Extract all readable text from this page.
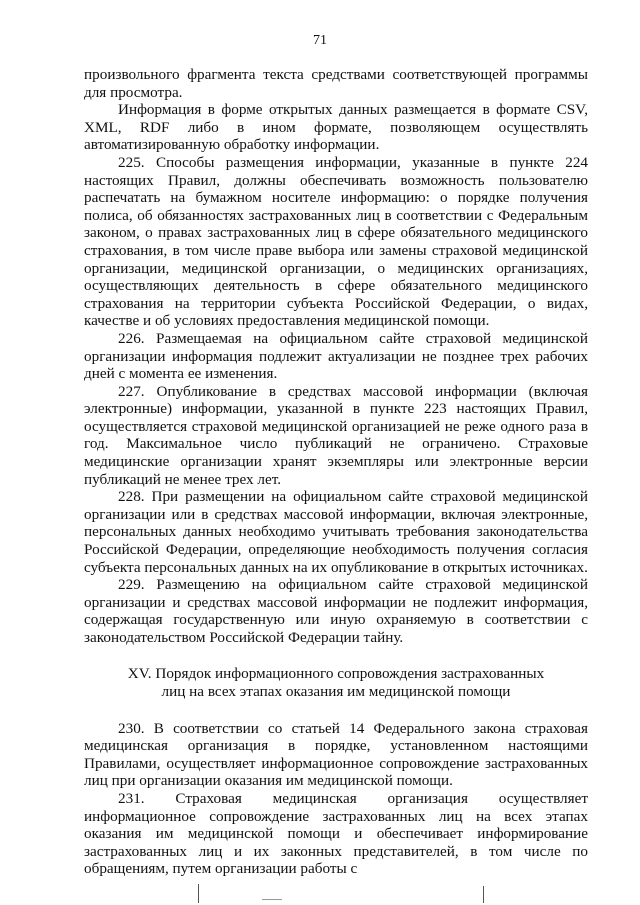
71

произвольного фрагмента текста средствами соответствующей программы для просмотра.

Информация в форме открытых данных размещается в формате CSV, XML, RDF либо в ином формате, позволяющем осуществлять автоматизированную обработку информации.

225. Способы размещения информации, указанные в пункте 224 настоящих Правил, должны обеспечивать возможность пользователю распечатать на бумажном носителе информацию: о порядке получения полиса, об обязанностях застрахованных лиц в соответствии с Федеральным законом, о правах застрахованных лиц в сфере обязательного медицинского страхования, в том числе праве выбора или замены страховой медицинской организации, медицинской организации, о медицинских организациях, осуществляющих деятельность в сфере обязательного медицинского страхования на территории субъекта Российской Федерации, о видах, качестве и об условиях предоставления медицинской помощи.

226. Размещаемая на официальном сайте страховой медицинской организации информация подлежит актуализации не позднее трех рабочих дней с момента ее изменения.

227. Опубликование в средствах массовой информации (включая электронные) информации, указанной в пункте 223 настоящих Правил, осуществляется страховой медицинской организацией не реже одного раза в год. Максимальное число публикаций не ограничено. Страховые медицинские организации хранят экземпляры или электронные версии публикаций не менее трех лет.

228. При размещении на официальном сайте страховой медицинской организации или в средствах массовой информации, включая электронные, персональных данных необходимо учитывать требования законодательства Российской Федерации, определяющие необходимость получения согласия субъекта персональных данных на их опубликование в открытых источниках.

229. Размещению на официальном сайте страховой медицинской организации и средствах массовой информации не подлежит информация, содержащая государственную или иную охраняемую в соответствии с законодательством Российской Федерации тайну.

XV. Порядок информационного сопровождения застрахованных
лиц на всех этапах оказания им медицинской помощи

230. В соответствии со статьей 14 Федерального закона страховая медицинская организация в порядке, установленном настоящими Правилами, осуществляет информационное сопровождение застрахованных лиц при организации оказания им медицинской помощи.

231. Страховая медицинская организация осуществляет информационное сопровождение застрахованных лиц на всех этапах оказания им медицинской помощи и обеспечивает информирование застрахованных лиц и их законных представителей, в том числе по обращениям, путем организации работы с
